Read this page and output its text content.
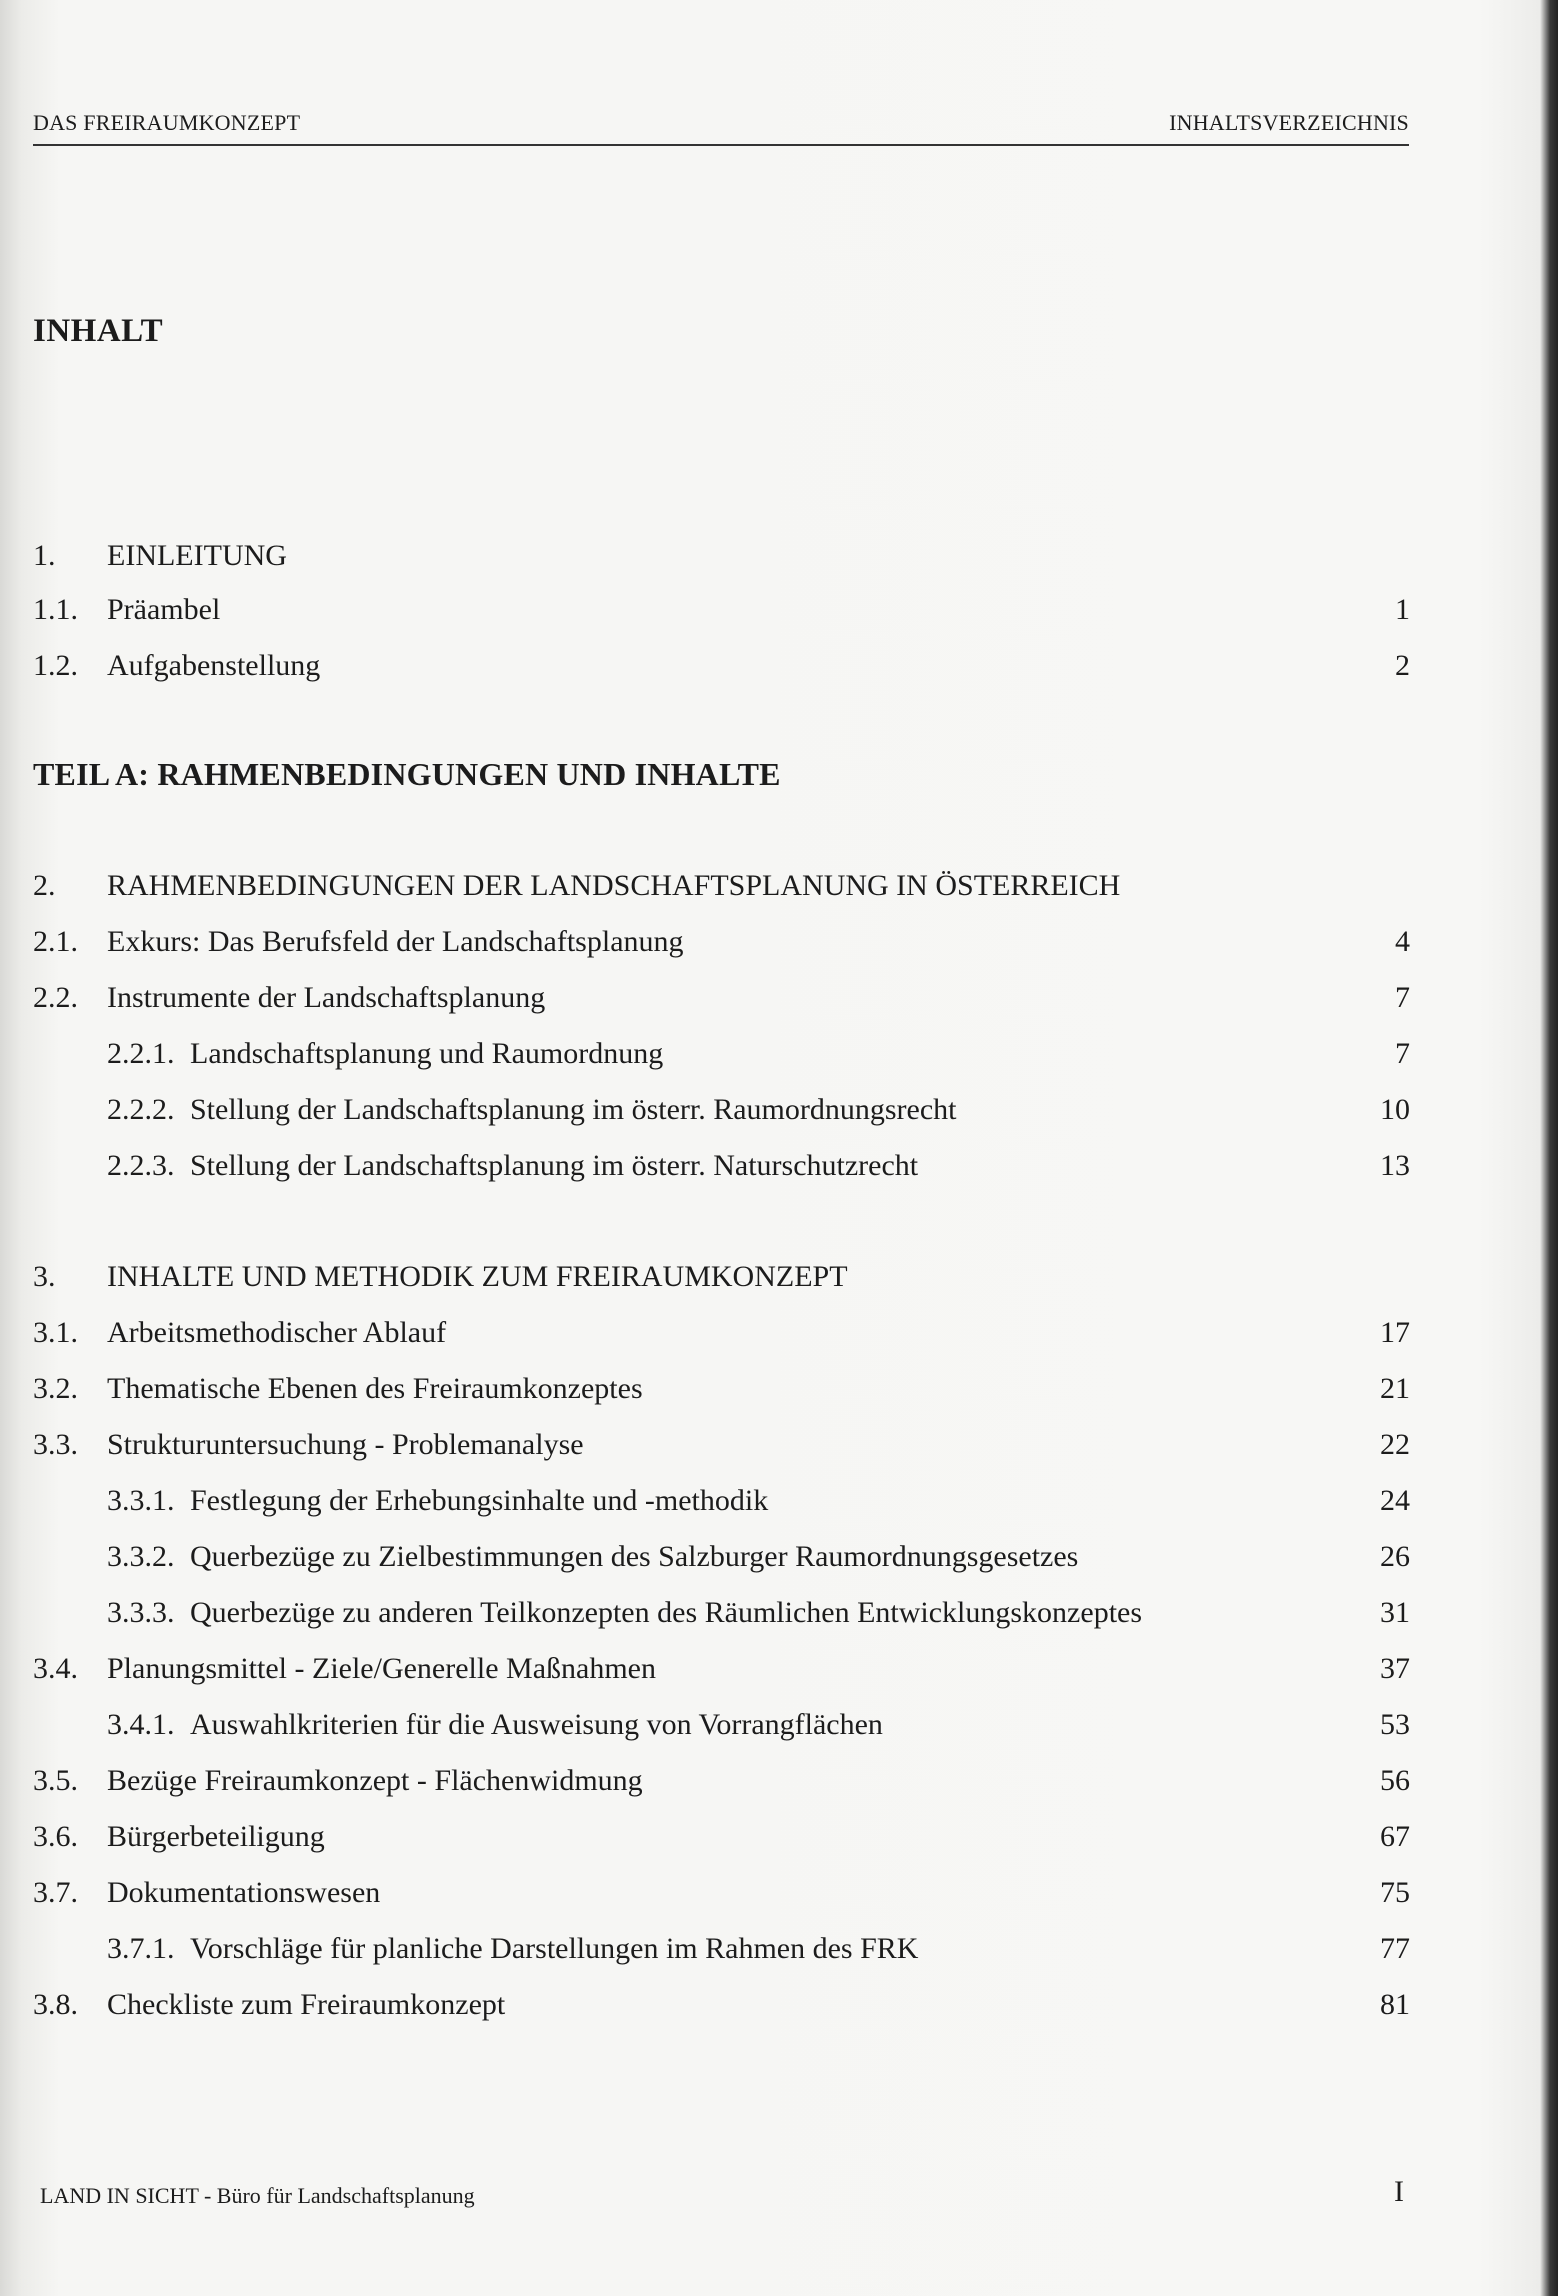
DAS FREIRAUMKONZEPT	INHALTSVERZEICHNIS
INHALT
1. EINLEITUNG
1.1. Präambel	1
1.2. Aufgabenstellung	2
TEIL A: RAHMENBEDINGUNGEN UND INHALTE
2. RAHMENBEDINGUNGEN DER LANDSCHAFTSPLANUNG IN ÖSTERREICH
2.1. Exkurs: Das Berufsfeld der Landschaftsplanung	4
2.2. Instrumente der Landschaftsplanung	7
2.2.1. Landschaftsplanung und Raumordnung	7
2.2.2. Stellung der Landschaftsplanung im österr. Raumordnungsrecht	10
2.2.3. Stellung der Landschaftsplanung im österr. Naturschutzrecht	13
3. INHALTE UND METHODIK ZUM FREIRAUMKONZEPT
3.1. Arbeitsmethodischer Ablauf	17
3.2. Thematische Ebenen des Freiraumkonzeptes	21
3.3. Strukturuntersuchung - Problemanalyse	22
3.3.1. Festlegung der Erhebungsinhalte und -methodik	24
3.3.2. Querbezüge zu Zielbestimmungen des Salzburger Raumordnungsgesetzes	26
3.3.3. Querbezüge zu anderen Teilkonzepten des Räumlichen Entwicklungskonzeptes	31
3.4. Planungsmittel - Ziele/Generelle Maßnahmen	37
3.4.1. Auswahlkriterien für die Ausweisung von Vorrangflächen	53
3.5. Bezüge Freiraumkonzept - Flächenwidmung	56
3.6. Bürgerbeteiligung	67
3.7. Dokumentationswesen	75
3.7.1. Vorschläge für planliche Darstellungen im Rahmen des FRK	77
3.8. Checkliste zum Freiraumkonzept	81
LAND IN SICHT - Büro für Landschaftsplanung	I
